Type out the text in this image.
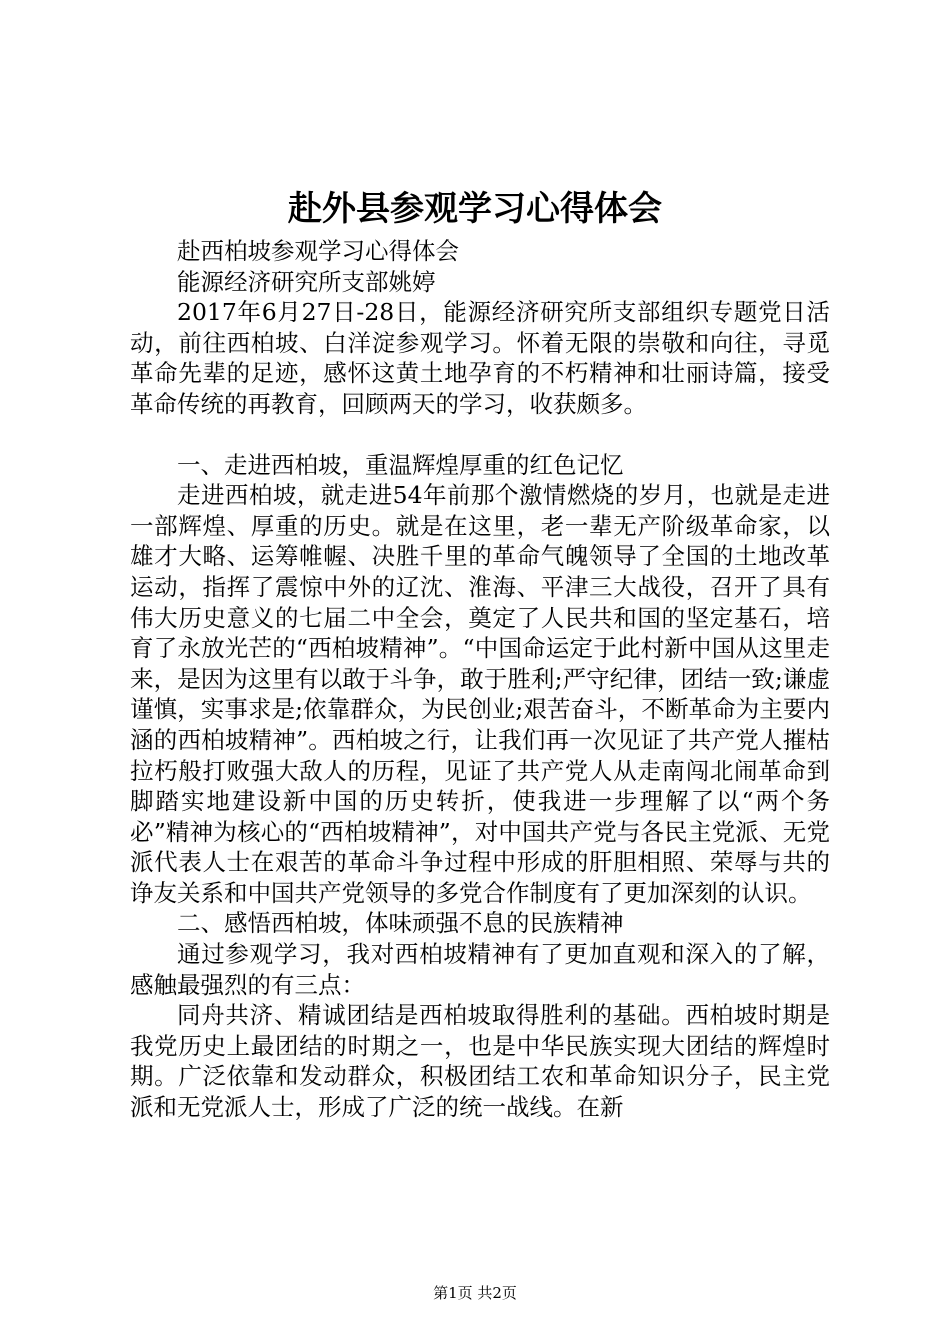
赴外县参观学习心得体会

赴西柏坡参观学习心得体会

能源经济研究所支部姚婷

2017年6月27日-28日，能源经济研究所支部组织专题党日活动，前往西柏坡、白洋淀参观学习。怀着无限的崇敬和向往，寻觅革命先辈的足迹，感怀这黄土地孕育的不朽精神和壮丽诗篇，接受革命传统的再教育，回顾两天的学习，收获颇多。

一、走进西柏坡，重温辉煌厚重的红色记忆

走进西柏坡，就走进54年前那个激情燃烧的岁月，也就是走进一部辉煌、厚重的历史。就是在这里，老一辈无产阶级革命家，以雄才大略、运筹帷幄、决胜千里的革命气魄领导了全国的土地改革运动，指挥了震惊中外的辽沈、淮海、平津三大战役，召开了具有伟大历史意义的七届二中全会，奠定了人民共和国的坚定基石，培育了永放光芒的“西柏坡精神”。“中国命运定于此村新中国从这里走来，是因为这里有以敢于斗争，敢于胜利;严守纪律，团结一致;谦虚谨慎，实事求是;依靠群众，为民创业;艰苦奋斗，不断革命为主要内涵的西柏坡精神”。西柏坡之行，让我们再一次见证了共产党人摧枯拉朽般打败强大敌人的历程，见证了共产党人从走南闯北闹革命到脚踏实地建设新中国的历史转折，使我进一步理解了以“两个务必”精神为核心的“西柏坡精神”，对中国共产党与各民主党派、无党派代表人士在艰苦的革命斗争过程中形成的肝胆相照、荣辱与共的诤友关系和中国共产党领导的多党合作制度有了更加深刻的认识。

二、感悟西柏坡，体味顽强不息的民族精神

通过参观学习，我对西柏坡精神有了更加直观和深入的了解，感触最强烈的有三点：

同舟共济、精诚团结是西柏坡取得胜利的基础。西柏坡时期是我党历史上最团结的时期之一，也是中华民族实现大团结的辉煌时期。广泛依靠和发动群众，积极团结工农和革命知识分子，民主党派和无党派人士，形成了广泛的统一战线。在新

第1页 共2页
